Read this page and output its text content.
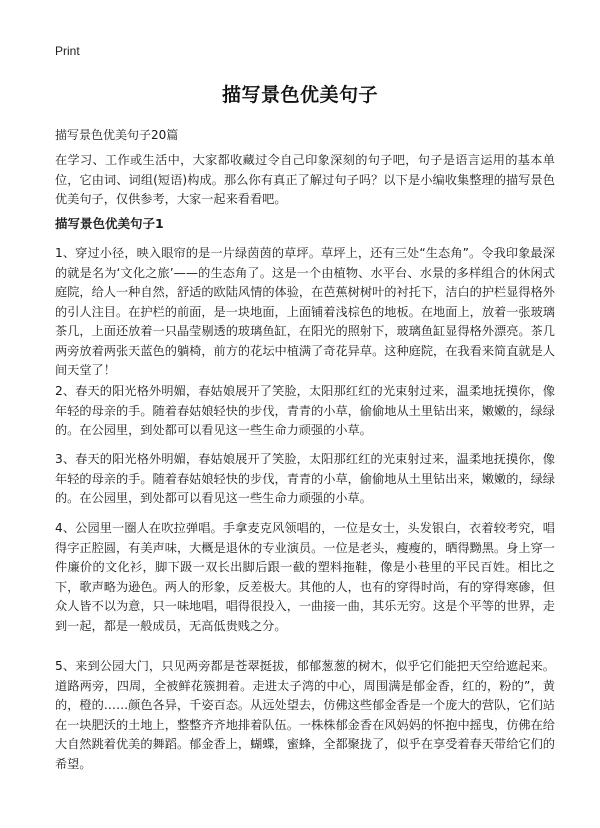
Print
描写景色优美句子
描写景色优美句子20篇
在学习、工作或生活中，大家都收藏过令自己印象深刻的句子吧，句子是语言运用的基本单位，它由词、词组(短语)构成。那么你有真正了解过句子吗？以下是小编收集整理的描写景色优美句子，仅供参考，大家一起来看看吧。
描写景色优美句子1
1、穿过小径，映入眼帘的是一片绿茵茵的草坪。草坪上，还有三处“生态角”。令我印象最深的就是名为‘文化之旅’——的生态角了。这是一个由植物、水平台、水景的多样组合的休闲式庭院，给人一种自然，舒适的欧陆风情的体验，在芭蕉树树叶的衬托下，洁白的护栏显得格外的引人注目。在护栏的前面，是一块地面，上面铺着浅棕色的地板。在地面上，放着一张玻璃茶几，上面还放着一只晶莹剔透的玻璃鱼缸，在阳光的照射下，玻璃鱼缸显得格外漂亮。茶几两旁放着两张天蓝色的躺椅，前方的花坛中植满了奇花异草。这种庭院，在我看来简直就是人间天堂了！
2、春天的阳光格外明媚，春姑娘展开了笑脸，太阳那红红的光束射过来，温柔地抚摸你，像年轻的母亲的手。随着春姑娘轻快的步伐，青青的小草，偷偷地从土里钻出来，嫩嫩的，绿绿的。在公园里，到处都可以看见这一些生命力顽强的小草。
3、春天的阳光格外明媚，春姑娘展开了笑脸，太阳那红红的光束射过来，温柔地抚摸你，像年轻的母亲的手。随着春姑娘轻快的步伐，青青的小草，偷偷地从土里钻出来，嫩嫩的，绿绿的。在公园里，到处都可以看见这一些生命力顽强的小草。
4、公园里一圈人在吹拉弹唱。手拿麦克风领唱的，一位是女士，头发银白，衣着较考究，唱得字正腔圆，有美声味，大概是退休的专业演员。一位是老头，瘦瘦的，晒得黝黑。身上穿一件廉价的文化衫，脚下趿一双长出脚后跟一截的塑料拖鞋，像是小巷里的平民百姓。相比之下，歌声略为逊色。两人的形象，反差极大。其他的人，也有的穿得时尚，有的穿得寒碜，但众人皆不以为意，只一味地唱，唱得很投入，一曲接一曲，其乐无穷。这是个平等的世界，走到一起，都是一般成员，无高低贵贱之分。
5、来到公园大门，只见两旁都是苍翠挺拔，郁郁葱葱的树木，似乎它们能把天空给遮起来。道路两旁，四周，全被鲜花簇拥着。走进太子湾的中心，周围满是郁金香，红的，粉的”，黄的，橙的……颜色各异，千姿百态。从远处望去，仿佛这些郁金香是一个庞大的营队，它们站在一块肥沃的土地上，整整齐齐地排着队伍。一株株郁金香在风妈妈的怀抱中摇曳，仿佛在给大自然跳着优美的舞蹈。郁金香上，蝴蝶，蜜蜂，全都聚拢了，似乎在享受着春天带给它们的希望。
